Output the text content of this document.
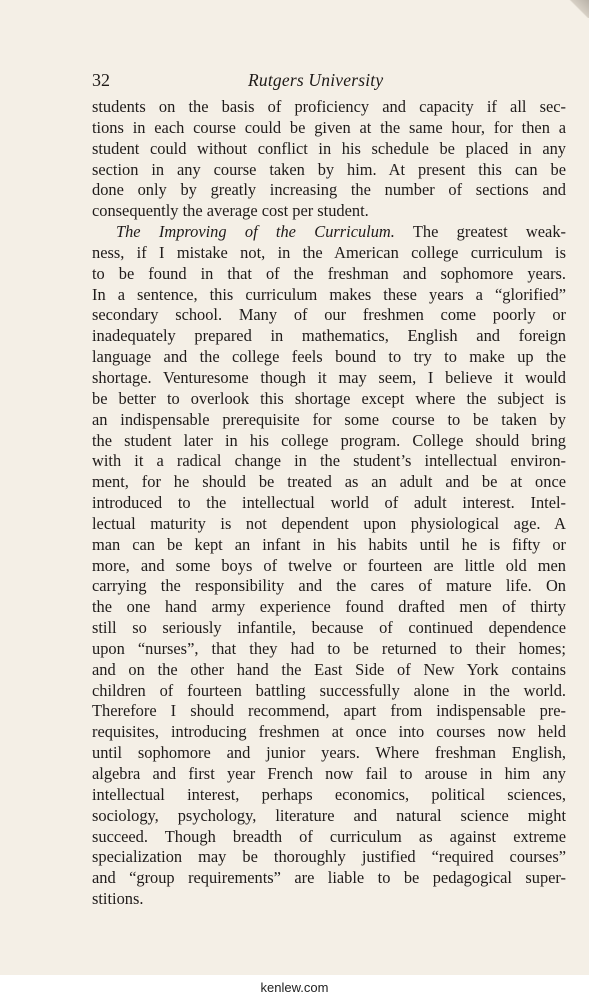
32	Rutgers University
students on the basis of proficiency and capacity if all sec-
tions in each course could be given at the same hour, for then a
student could without conflict in his schedule be placed in any
section in any course taken by him. At present this can be
done only by greatly increasing the number of sections and
consequently the average cost per student.
The Improving of the Curriculum. The greatest weak-
ness, if I mistake not, in the American college curriculum is
to be found in that of the freshman and sophomore years.
In a sentence, this curriculum makes these years a “glorified”
secondary school. Many of our freshmen come poorly or
inadequately prepared in mathematics, English and foreign
language and the college feels bound to try to make up the
shortage. Venturesome though it may seem, I believe it would
be better to overlook this shortage except where the subject is
an indispensable prerequisite for some course to be taken by
the student later in his college program. College should bring
with it a radical change in the student’s intellectual environ-
ment, for he should be treated as an adult and be at once
introduced to the intellectual world of adult interest. Intel-
lectual maturity is not dependent upon physiological age. A
man can be kept an infant in his habits until he is fifty or
more, and some boys of twelve or fourteen are little old men
carrying the responsibility and the cares of mature life. On
the one hand army experience found drafted men of thirty
still so seriously infantile, because of continued dependence
upon “nurses”, that they had to be returned to their homes;
and on the other hand the East Side of New York contains
children of fourteen battling successfully alone in the world.
Therefore I should recommend, apart from indispensable pre-
requisites, introducing freshmen at once into courses now held
until sophomore and junior years. Where freshman English,
algebra and first year French now fail to arouse in him any
intellectual interest, perhaps economics, political sciences,
sociology, psychology, literature and natural science might
succeed. Though breadth of curriculum as against extreme
specialization may be thoroughly justified “required courses”
and “group requirements” are liable to be pedagogical super-
stitions.
kenlew.com
